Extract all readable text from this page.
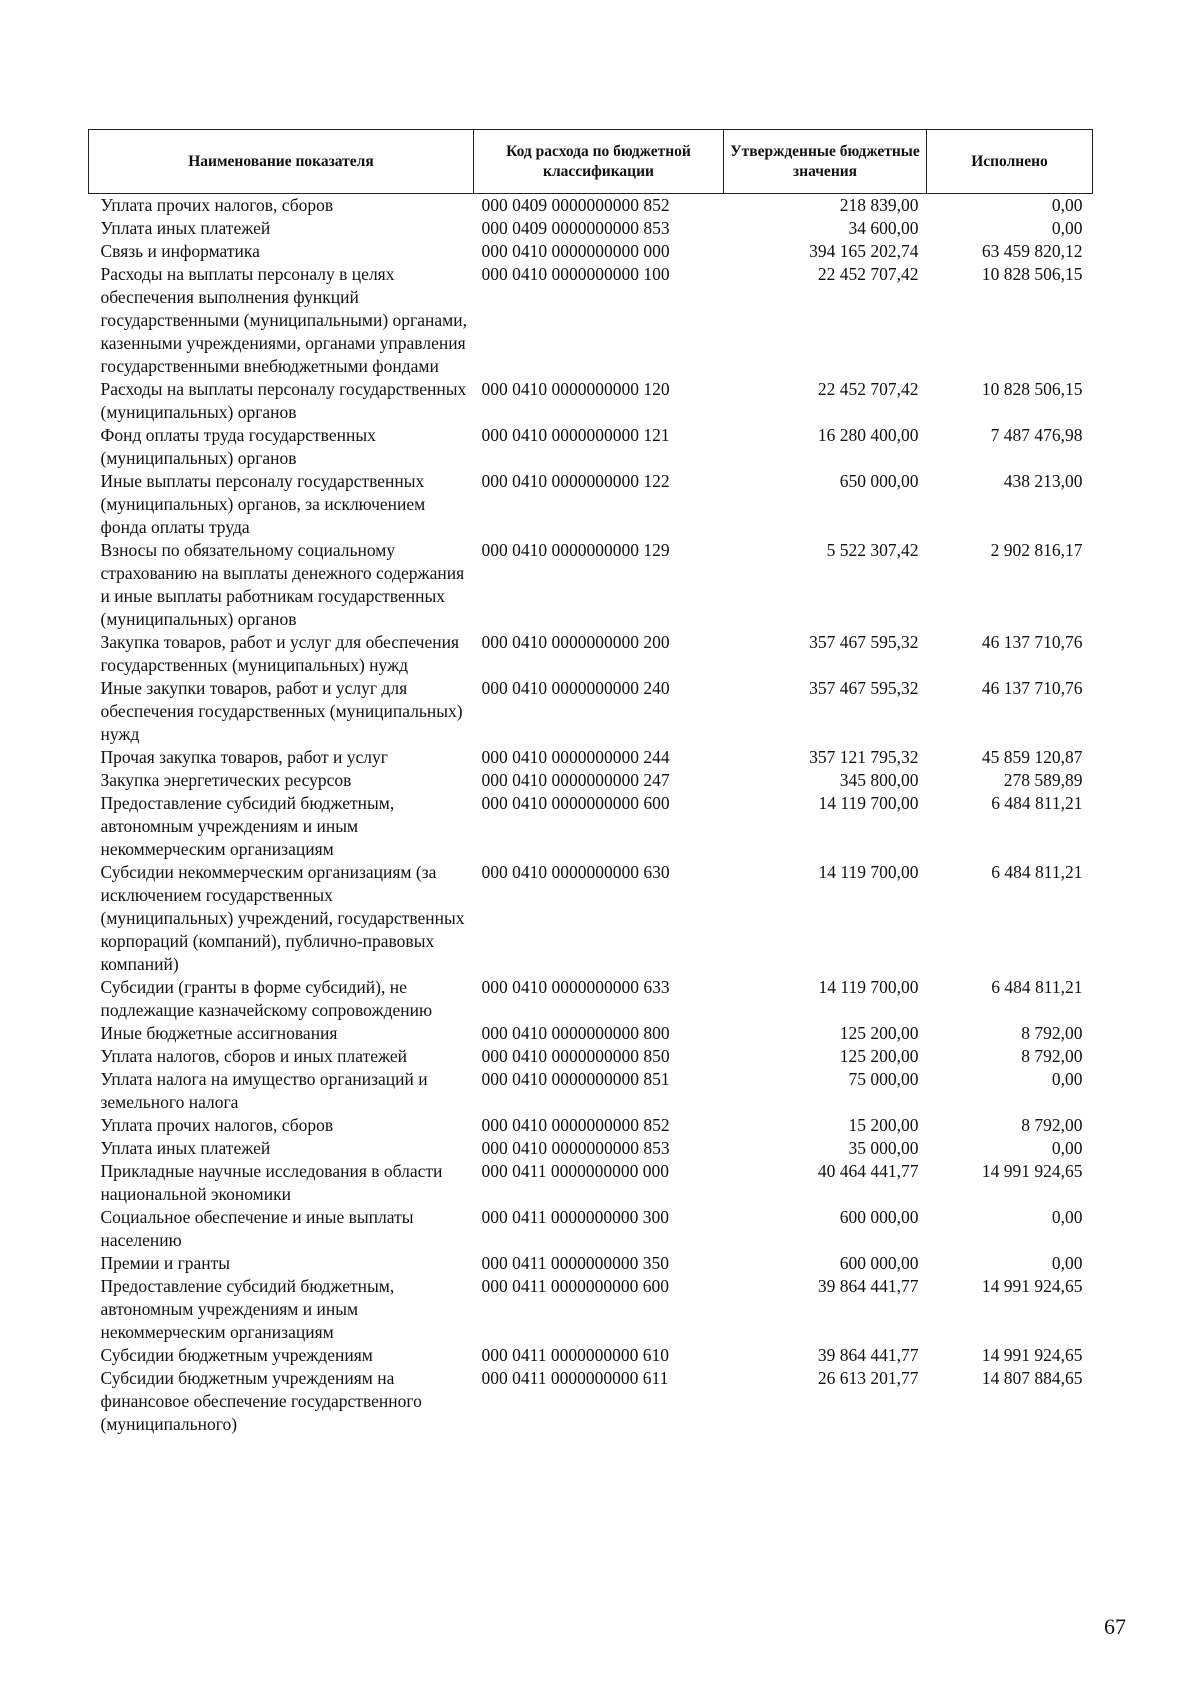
Наименование показателя	Код расхода по бюджетной классификации	Утвержденные бюджетные значения	Исполнено
Уплата прочих налогов, сборов	000 0409 0000000000 852	218 839,00	0,00
Уплата иных платежей	000 0409 0000000000 853	34 600,00	0,00
Связь и информатика	000 0410 0000000000 000	394 165 202,74	63 459 820,12
Расходы на выплаты персоналу в целях обеспечения выполнения функций государственными (муниципальными) органами, казенными учреждениями, органами управления государственными внебюджетными фондами	000 0410 0000000000 100	22 452 707,42	10 828 506,15
Расходы на выплаты персоналу государственных (муниципальных) органов	000 0410 0000000000 120	22 452 707,42	10 828 506,15
Фонд оплаты труда государственных (муниципальных) органов	000 0410 0000000000 121	16 280 400,00	7 487 476,98
Иные выплаты персоналу государственных (муниципальных) органов, за исключением фонда оплаты труда	000 0410 0000000000 122	650 000,00	438 213,00
Взносы по обязательному социальному страхованию на выплаты денежного содержания и иные выплаты работникам государственных (муниципальных) органов	000 0410 0000000000 129	5 522 307,42	2 902 816,17
Закупка товаров, работ и услуг для обеспечения государственных (муниципальных) нужд	000 0410 0000000000 200	357 467 595,32	46 137 710,76
Иные закупки товаров, работ и услуг для обеспечения государственных (муниципальных) нужд	000 0410 0000000000 240	357 467 595,32	46 137 710,76
Прочая закупка товаров, работ и услуг	000 0410 0000000000 244	357 121 795,32	45 859 120,87
Закупка энергетических ресурсов	000 0410 0000000000 247	345 800,00	278 589,89
Предоставление субсидий бюджетным, автономным учреждениям и иным некоммерческим организациям	000 0410 0000000000 600	14 119 700,00	6 484 811,21
Субсидии некоммерческим организациям (за исключением государственных (муниципальных) учреждений, государственных корпораций (компаний), публично-правовых компаний)	000 0410 0000000000 630	14 119 700,00	6 484 811,21
Субсидии (гранты в форме субсидий), не подлежащие казначейскому сопровождению	000 0410 0000000000 633	14 119 700,00	6 484 811,21
Иные бюджетные ассигнования	000 0410 0000000000 800	125 200,00	8 792,00
Уплата налогов, сборов и иных платежей	000 0410 0000000000 850	125 200,00	8 792,00
Уплата налога на имущество организаций и земельного налога	000 0410 0000000000 851	75 000,00	0,00
Уплата прочих налогов, сборов	000 0410 0000000000 852	15 200,00	8 792,00
Уплата иных платежей	000 0410 0000000000 853	35 000,00	0,00
Прикладные научные исследования в области национальной экономики	000 0411 0000000000 000	40 464 441,77	14 991 924,65
Социальное обеспечение и иные выплаты населению	000 0411 0000000000 300	600 000,00	0,00
Премии и гранты	000 0411 0000000000 350	600 000,00	0,00
Предоставление субсидий бюджетным, автономным учреждениям и иным некоммерческим организациям	000 0411 0000000000 600	39 864 441,77	14 991 924,65
Субсидии бюджетным учреждениям	000 0411 0000000000 610	39 864 441,77	14 991 924,65
Субсидии бюджетным учреждениям на финансовое обеспечение государственного (муниципального)	000 0411 0000000000 611	26 613 201,77	14 807 884,65
67
